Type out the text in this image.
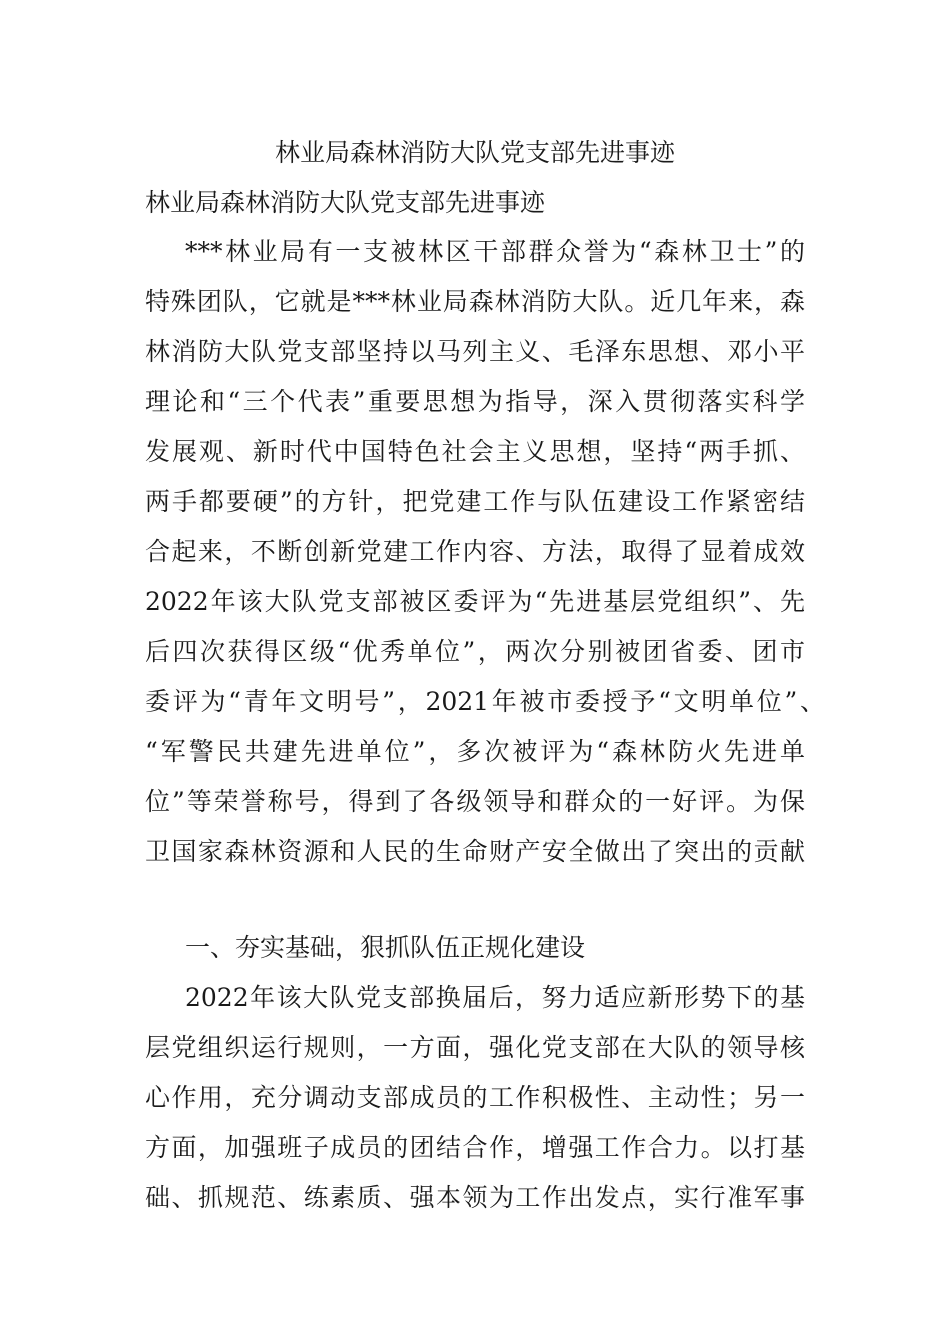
林业局森林消防大队党支部先进事迹
林业局森林消防大队党支部先进事迹
***林业局有一支被林区干部群众誉为“森林卫士”的
特殊团队，它就是***林业局森林消防大队。近几年来，森
林消防大队党支部坚持以马列主义、毛泽东思想、邓小平
理论和“三个代表”重要思想为指导，深入贯彻落实科学
发展观、新时代中国特色社会主义思想，坚持“两手抓、
两手都要硬”的方针，把党建工作与队伍建设工作紧密结
合起来，不断创新党建工作内容、方法，取得了显着成效
2022年该大队党支部被区委评为“先进基层党组织”、先
后四次获得区级“优秀单位”，两次分别被团省委、团市
委评为“青年文明号”，2021年被市委授予“文明单位”、
“军警民共建先进单位”，多次被评为“森林防火先进单
位”等荣誉称号，得到了各级领导和群众的一好评。为保
卫国家森林资源和人民的生命财产安全做出了突出的贡献
一、夯实基础，狠抓队伍正规化建设
2022年该大队党支部换届后，努力适应新形势下的基
层党组织运行规则，一方面，强化党支部在大队的领导核
心作用，充分调动支部成员的工作积极性、主动性；另一
方面，加强班子成员的团结合作，增强工作合力。以打基
础、抓规范、练素质、强本领为工作出发点，实行准军事
